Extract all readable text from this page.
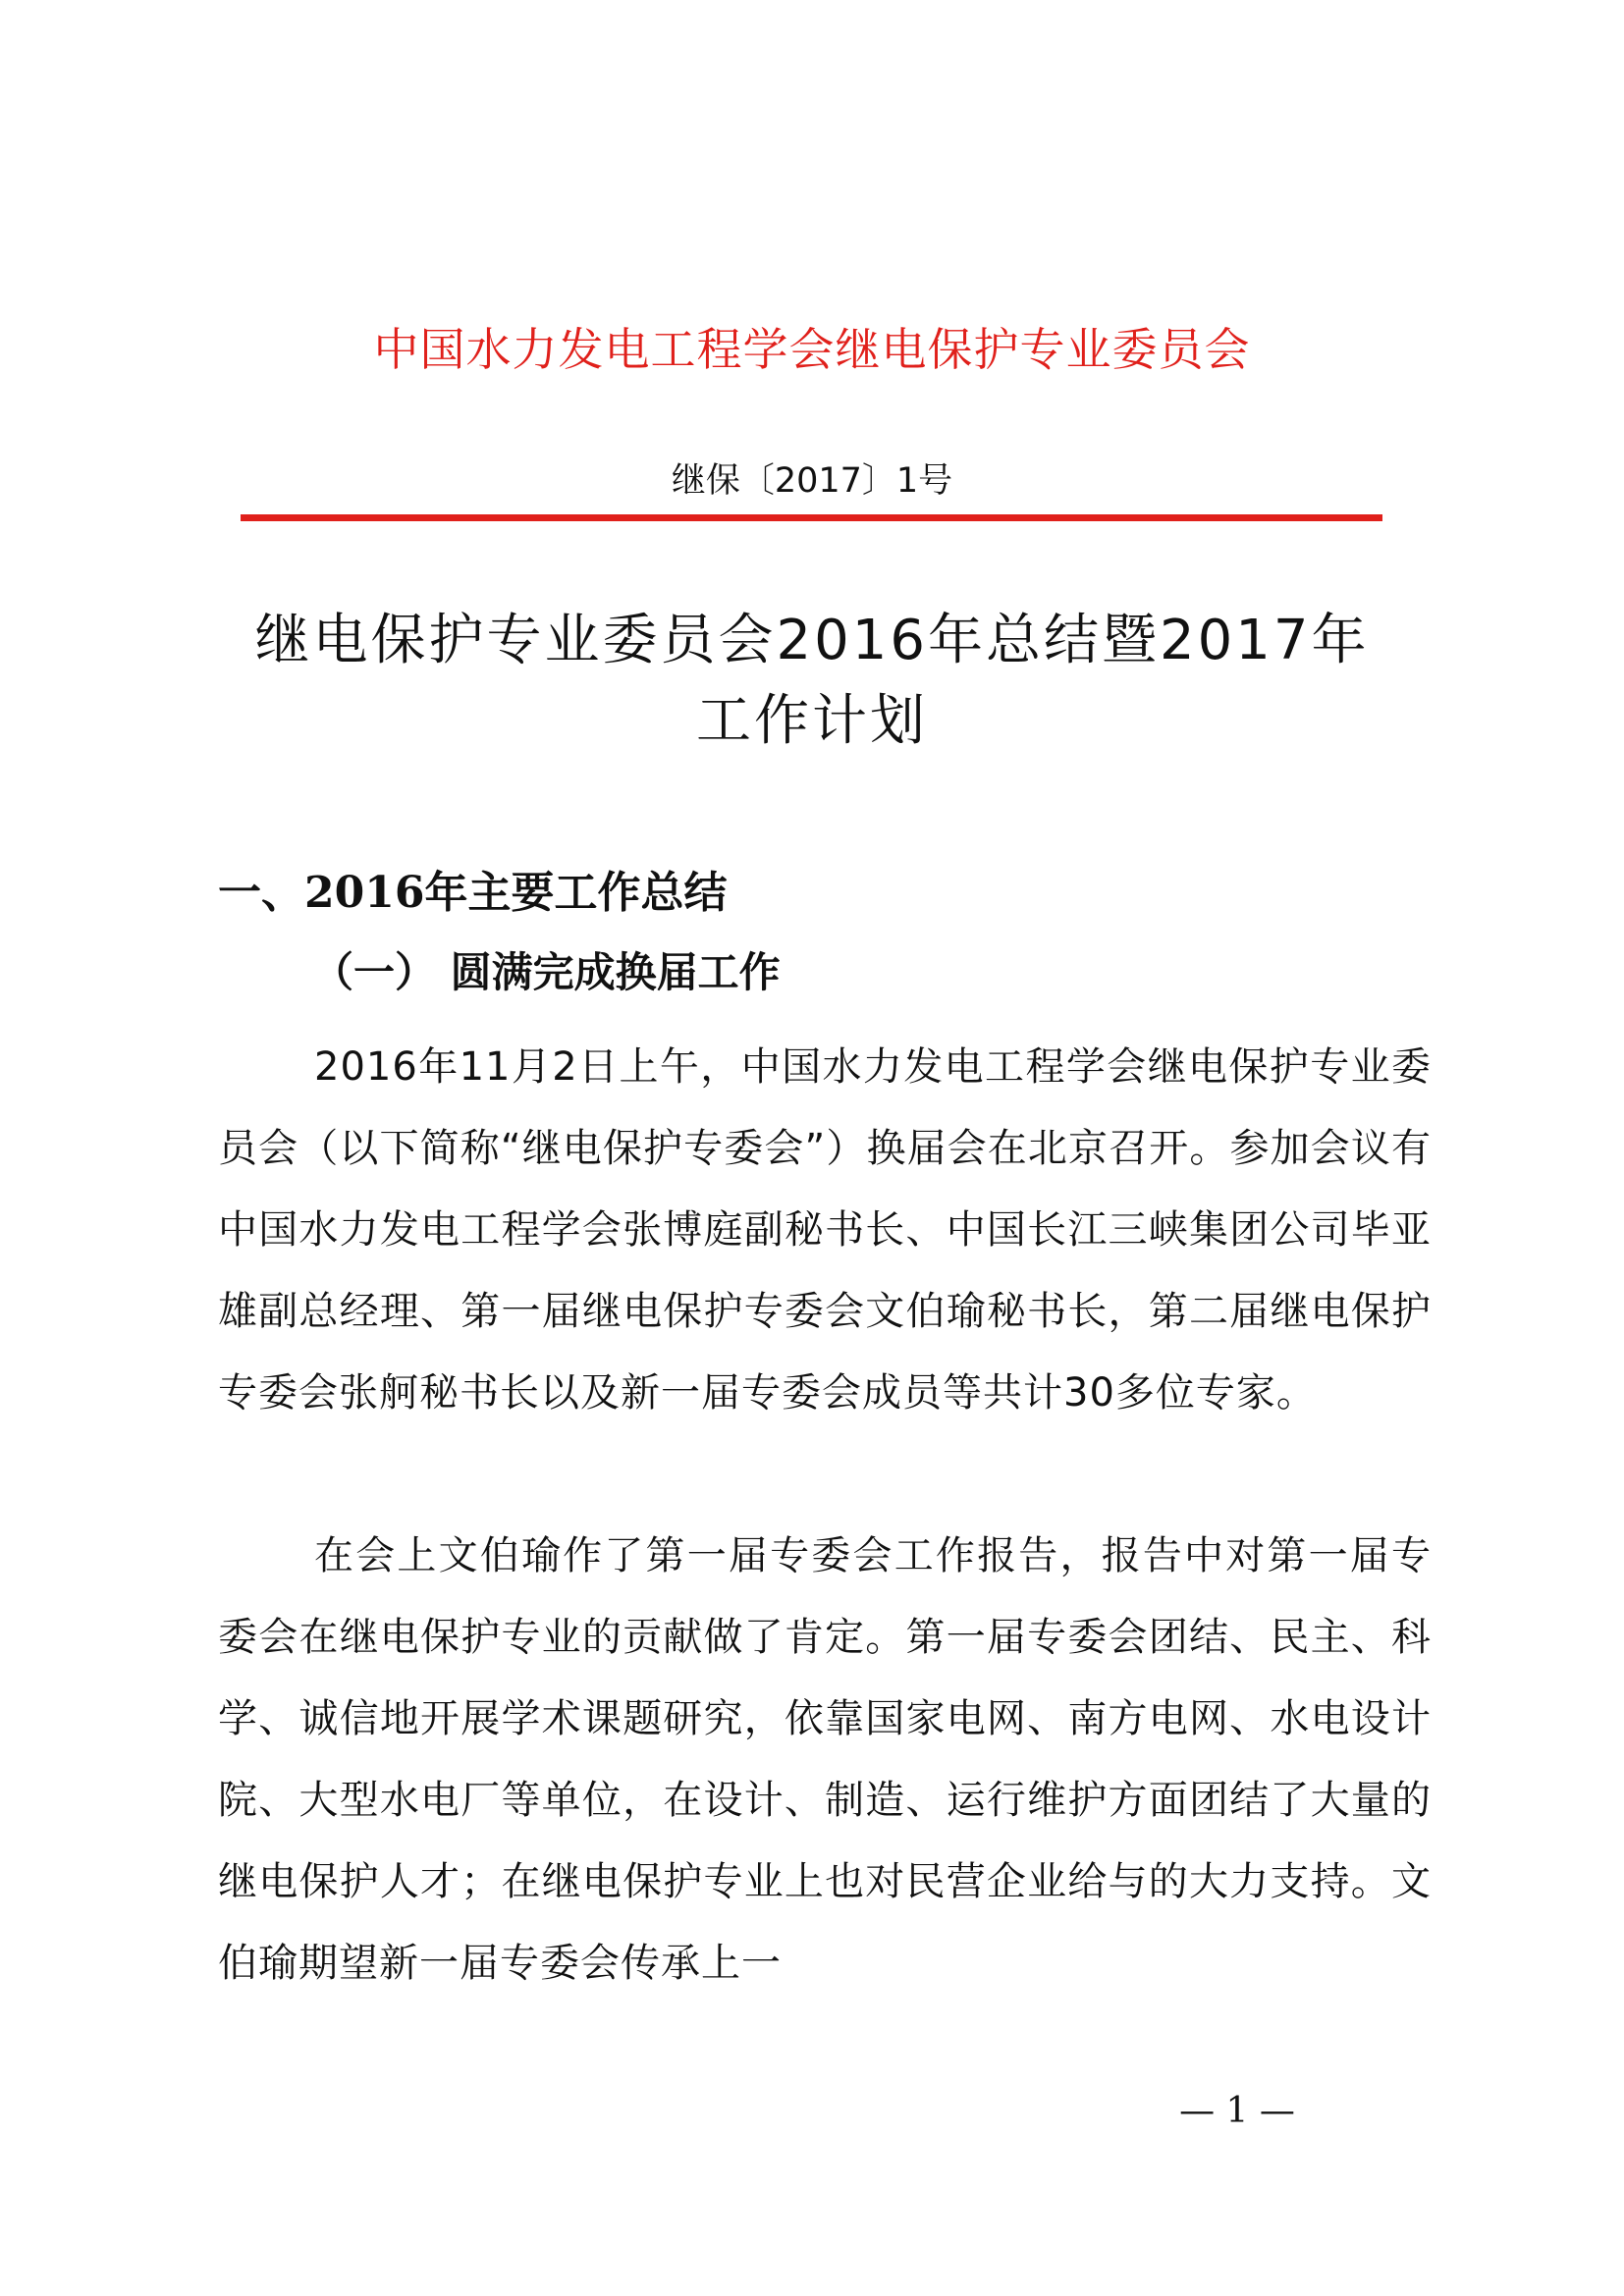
中国水力发电工程学会继电保护专业委员会
继保〔2017〕1号
继电保护专业委员会2016年总结暨2017年
工作计划
一、2016年主要工作总结
（一） 圆满完成换届工作

2016年11月2日上午，中国水力发电工程学会继电保护专业委员会（以下简称“继电保护专委会”）换届会在北京召开。参加会议有中国水力发电工程学会张博庭副秘书长、中国长江三峡集团公司毕亚雄副总经理、第一届继电保护专委会文伯瑜秘书长，第二届继电保护专委会张舸秘书长以及新一届专委会成员等共计30多位专家。

在会上文伯瑜作了第一届专委会工作报告，报告中对第一届专委会在继电保护专业的贡献做了肯定。第一届专委会团结、民主、科学、诚信地开展学术课题研究，依靠国家电网、南方电网、水电设计院、大型水电厂等单位，在设计、制造、运行维护方面团结了大量的继电保护人才；在继电保护专业上也对民营企业给与的大力支持。文伯瑜期望新一届专委会传承上一

— 1 —
